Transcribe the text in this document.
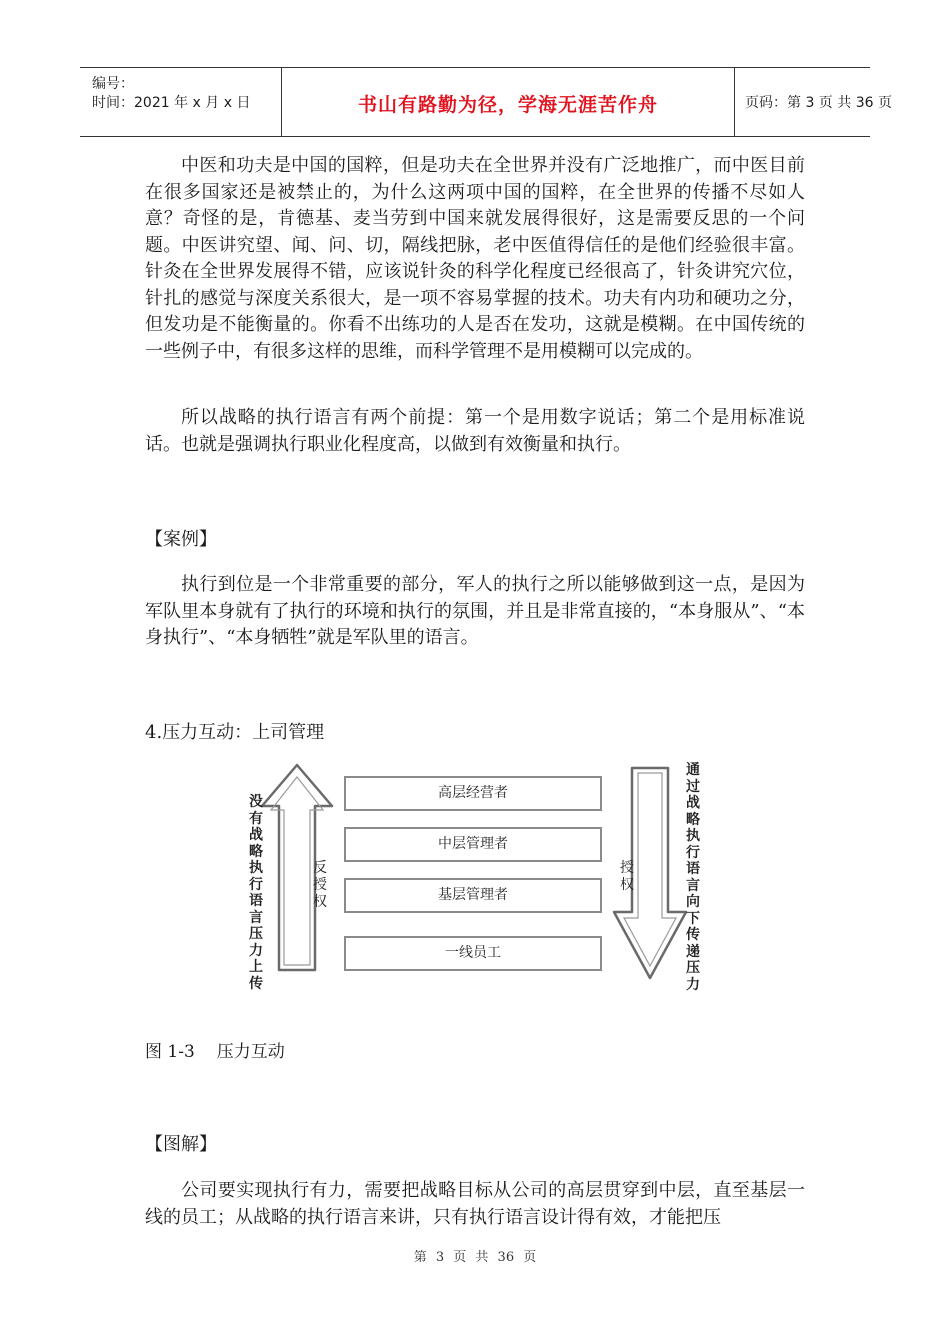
编号：
时间：2021 年 x 月 x 日	书山有路勤为径，学海无涯苦作舟	页码：第 3 页 共 36 页

中医和功夫是中国的国粹，但是功夫在全世界并没有广泛地推广，而中医目前在很多国家还是被禁止的，为什么这两项中国的国粹，在全世界的传播不尽如人意？奇怪的是，肯德基、麦当劳到中国来就发展得很好，这是需要反思的一个问 题。中医讲究望、闻、问、切，隔线把脉，老中医值得信任的是他们经验很丰富。针灸在全世界发展得不错，应该说针灸的科学化程度已经很高了，针灸讲究穴位， 针扎的感觉与深度关系很大，是一项不容易掌握的技术。功夫有内功和硬功之分，但发功是不能衡量的。你看不出练功的人是否在发功，这就是模糊。在中国传统的 一些例子中，有很多这样的思维，而科学管理不是用模糊可以完成的。

所以战略的执行语言有两个前提：第一个是用数字说话；第二个是用标准说话。也就是强调执行职业化程度高，以做到有效衡量和执行。

【案例】

执行到位是一个非常重要的部分，军人的执行之所以能够做到这一点，是因为军队里本身就有了执行的环境和执行的氛围，并且是非常直接的，“本身服从”、“本身执行”、“本身牺牲”就是军队里的语言。

4.压力互动：上司管理

高层经营者
中层管理者
基层管理者
一线员工
没有战略执行语言压力上传
反授权
授权
通过战略执行语言向下传递压力

图 1-3 压力互动

【图解】

公司要实现执行有力，需要把战略目标从公司的高层贯穿到中层，直至基层一线的员工；从战略的执行语言来讲，只有执行语言设计得有效，才能把压

第 3 页 共 36 页
